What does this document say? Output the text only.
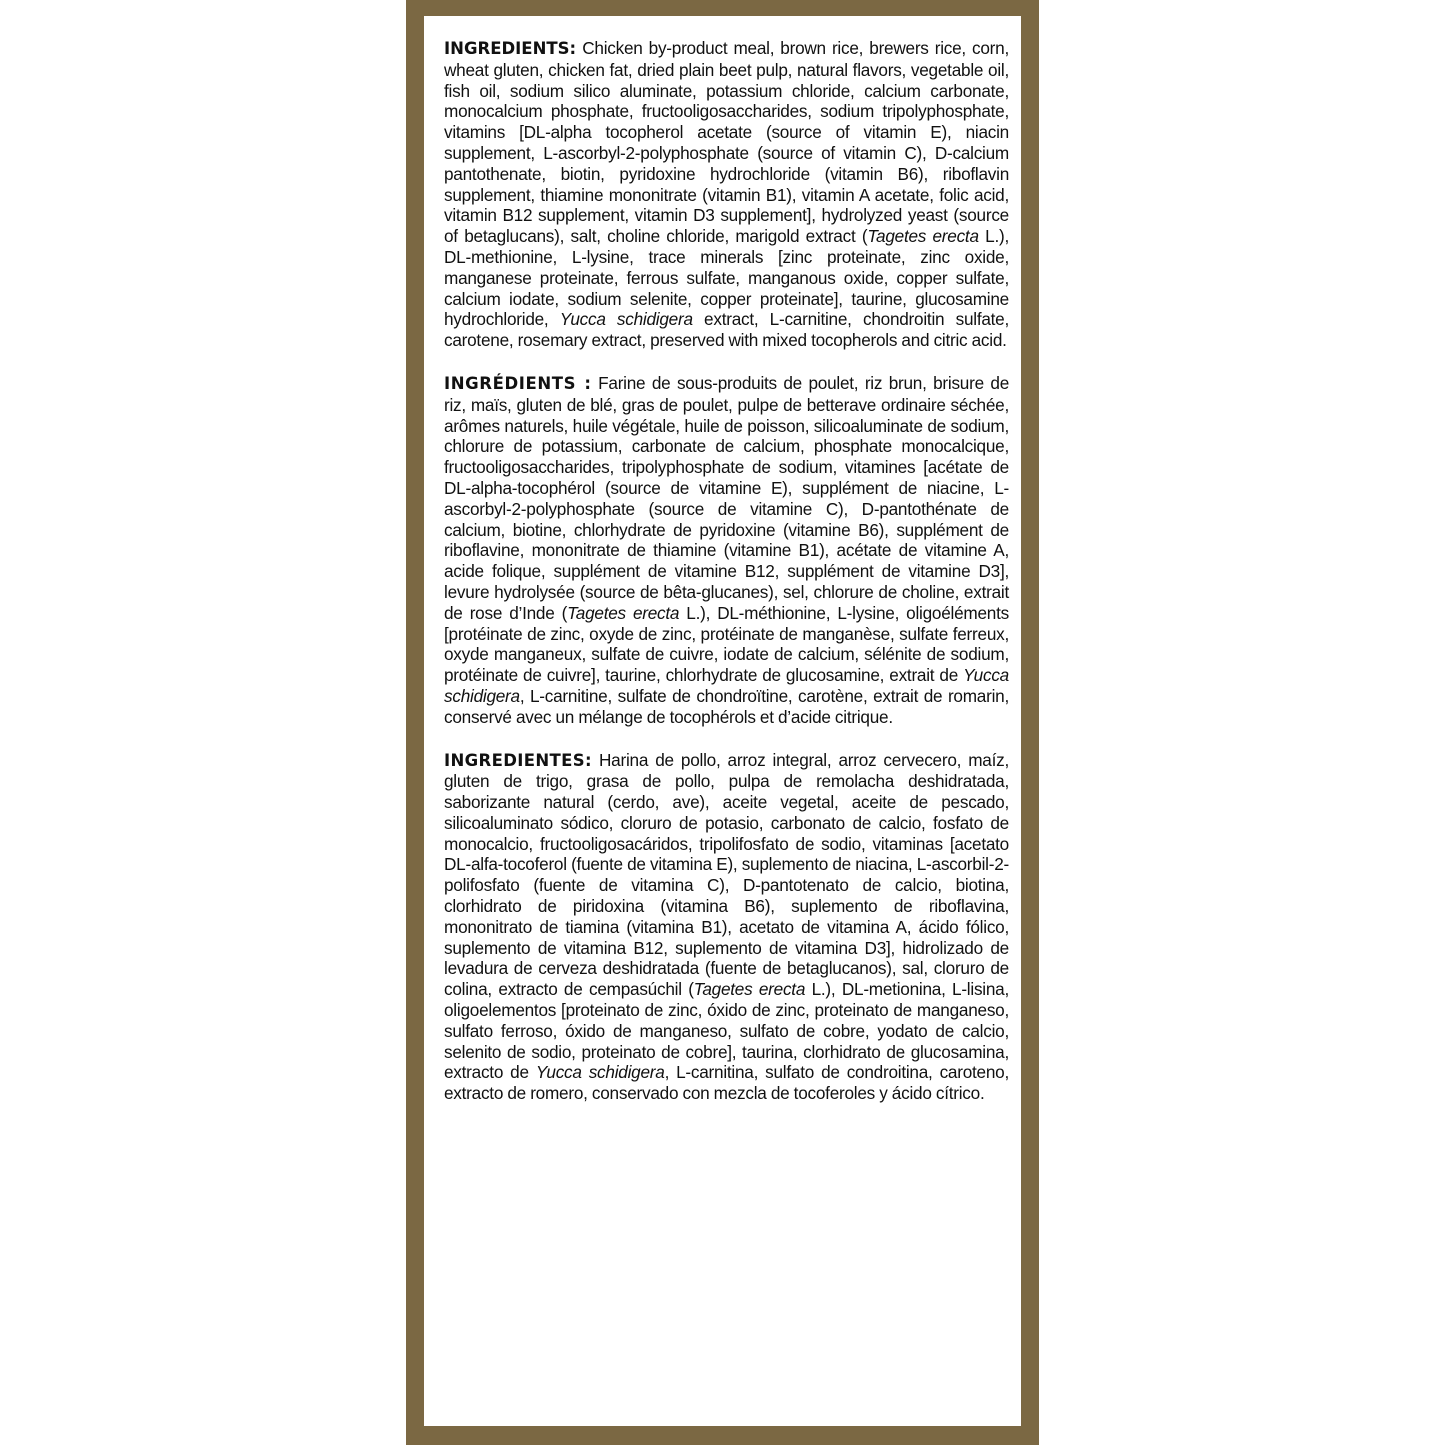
INGREDIENTS: Chicken by-product meal, brown rice, brewers rice, corn, wheat gluten, chicken fat, dried plain beet pulp, natural flavors, vegetable oil, fish oil, sodium silico aluminate, potassium chloride, calcium carbonate, monocalcium phosphate, fructooligosaccharides, sodium tripolyphosphate, vitamins [DL-alpha tocopherol acetate (source of vitamin E), niacin supplement, L-ascorbyl-2-polyphosphate (source of vitamin C), D-calcium pantothenate, biotin, pyridoxine hydrochloride (vitamin B6), riboflavin supplement, thiamine mononitrate (vitamin B1), vitamin A acetate, folic acid, vitamin B12 supplement, vitamin D3 supplement], hydrolyzed yeast (source of betaglucans), salt, choline chloride, marigold extract (Tagetes erecta L.), DL-methionine, L-lysine, trace minerals [zinc proteinate, zinc oxide, manganese proteinate, ferrous sulfate, manganous oxide, copper sulfate, calcium iodate, sodium selenite, copper proteinate], taurine, glucosamine hydrochloride, Yucca schidigera extract, L-carnitine, chondroitin sulfate, carotene, rosemary extract, preserved with mixed tocopherols and citric acid.

INGRÉDIENTS : Farine de sous-produits de poulet, riz brun, brisure de riz, maïs, gluten de blé, gras de poulet, pulpe de betterave ordinaire séchée, arômes naturels, huile végétale, huile de poisson, silicoaluminate de sodium, chlorure de potassium, carbonate de calcium, phosphate monocalcique, fructooligosaccharides, tripolyphosphate de sodium, vitamines [acétate de DL-alpha-tocophérol (source de vitamine E), supplément de niacine, L-ascorbyl-2-polyphosphate (source de vitamine C), D-pantothénate de calcium, biotine, chlorhydrate de pyridoxine (vitamine B6), supplément de riboflavine, mononitrate de thiamine (vitamine B1), acétate de vitamine A, acide folique, supplément de vitamine B12, supplément de vitamine D3], levure hydrolysée (source de bêta-glucanes), sel, chlorure de choline, extrait de rose d’Inde (Tagetes erecta L.), DL-méthionine, L-lysine, oligoéléments [protéinate de zinc, oxyde de zinc, protéinate de manganèse, sulfate ferreux, oxyde manganeux, sulfate de cuivre, iodate de calcium, sélénite de sodium, protéinate de cuivre], taurine, chlorhydrate de glucosamine, extrait de Yucca schidigera, L-carnitine, sulfate de chondroïtine, carotène, extrait de romarin, conservé avec un mélange de tocophérols et d’acide citrique.

INGREDIENTES: Harina de pollo, arroz integral, arroz cervecero, maíz, gluten de trigo, grasa de pollo, pulpa de remolacha deshidratada, saborizante natural (cerdo, ave), aceite vegetal, aceite de pescado, silicoaluminato sódico, cloruro de potasio, carbonato de calcio, fosfato de monocalcio, fructooligosacáridos, tripolifosfato de sodio, vitaminas [acetato DL-alfa-tocoferol (fuente de vitamina E), suplemento de niacina, L-ascorbil-2-polifosfato (fuente de vitamina C), D-pantotenato de calcio, biotina, clorhidrato de piridoxina (vitamina B6), suplemento de riboflavina, mononitrato de tiamina (vitamina B1), acetato de vitamina A, ácido fólico, suplemento de vitamina B12, suplemento de vitamina D3], hidrolizado de levadura de cerveza deshidratada (fuente de betaglucanos), sal, cloruro de colina, extracto de cempasúchil (Tagetes erecta L.), DL-metionina, L-lisina, oligoelementos [proteinato de zinc, óxido de zinc, proteinato de manganeso, sulfato ferroso, óxido de manganeso, sulfato de cobre, yodato de calcio, selenito de sodio, proteinato de cobre], taurina, clorhidrato de glucosamina, extracto de Yucca schidigera, L-carnitina, sulfato de condroitina, caroteno, extracto de romero, conservado con mezcla de tocoferoles y ácido cítrico.
